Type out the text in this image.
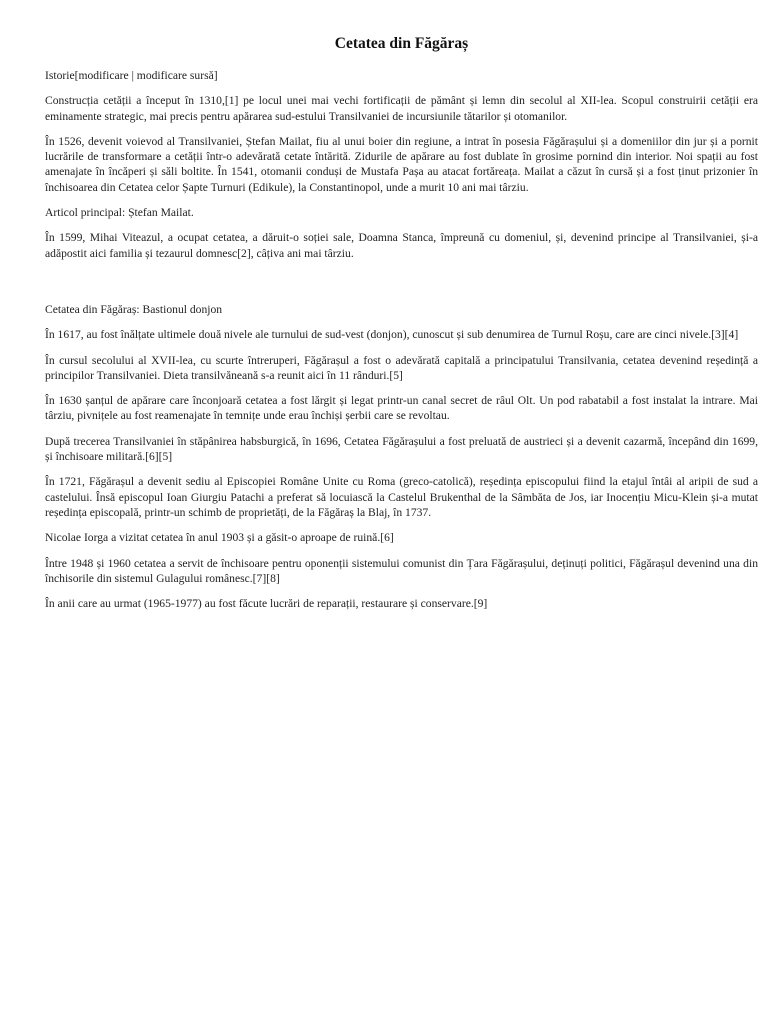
Cetatea din Făgăraș

Istorie[modificare | modificare sursă]

Construcția cetății a început în 1310,[1] pe locul unei mai vechi fortificații de pământ și lemn din secolul al XII-lea. Scopul construirii cetății era eminamente strategic, mai precis pentru apărarea sud-estului Transilvaniei de incursiunile tătarilor și otomanilor.

În 1526, devenit voievod al Transilvaniei, Ștefan Mailat, fiu al unui boier din regiune, a intrat în posesia Făgărașului și a domeniilor din jur și a pornit lucrările de transformare a cetății într-o adevărată cetate întărită. Zidurile de apărare au fost dublate în grosime pornind din interior. Noi spații au fost amenajate în încăperi și săli boltite. În 1541, otomanii conduși de Mustafa Pașa au atacat fortăreața. Mailat a căzut în cursă și a fost ținut prizonier în închisoarea din Cetatea celor Șapte Turnuri (Edikule), la Constantinopol, unde a murit 10 ani mai târziu.

Articol principal: Ștefan Mailat.

În 1599, Mihai Viteazul, a ocupat cetatea, a dăruit-o soției sale, Doamna Stanca, împreună cu domeniul, și, devenind principe al Transilvaniei, și-a adăpostit aici familia și tezaurul domnesc[2], câțiva ani mai târziu.

Cetatea din Făgăraș: Bastionul donjon

În 1617, au fost înălțate ultimele două nivele ale turnului de sud-vest (donjon), cunoscut și sub denumirea de Turnul Roșu, care are cinci nivele.[3][4]

În cursul secolului al XVII-lea, cu scurte întreruperi, Făgărașul a fost o adevărată capitală a principatului Transilvania, cetatea devenind reședință a principilor Transilvaniei. Dieta transilvăneană s-a reunit aici în 11 rânduri.[5]

În 1630 șanțul de apărare care înconjoară cetatea a fost lărgit și legat printr-un canal secret de râul Olt. Un pod rabatabil a fost instalat la intrare. Mai târziu, pivnițele au fost reamenajate în temnițe unde erau închiși șerbii care se revoltau.

După trecerea Transilvaniei în stăpânirea habsburgică, în 1696, Cetatea Făgărașului a fost preluată de austrieci și a devenit cazarmă, începând din 1699, și închisoare militară.[6][5]

În 1721, Făgărașul a devenit sediu al Episcopiei Române Unite cu Roma (greco-catolică), reședința episcopului fiind la etajul întâi al aripii de sud a castelului. Însă episcopul Ioan Giurgiu Patachi a preferat să locuiască la Castelul Brukenthal de la Sâmbăta de Jos, iar Inocențiu Micu-Klein și-a mutat reședința episcopală, printr-un schimb de proprietăți, de la Făgăraș la Blaj, în 1737.

Nicolae Iorga a vizitat cetatea în anul 1903 și a găsit-o aproape de ruină.[6]

Între 1948 și 1960 cetatea a servit de închisoare pentru oponenții sistemului comunist din Țara Făgărașului, deținuți politici, Făgărașul devenind una din închisorile din sistemul Gulagului românesc.[7][8]

În anii care au urmat (1965-1977) au fost făcute lucrări de reparații, restaurare și conservare.[9]
